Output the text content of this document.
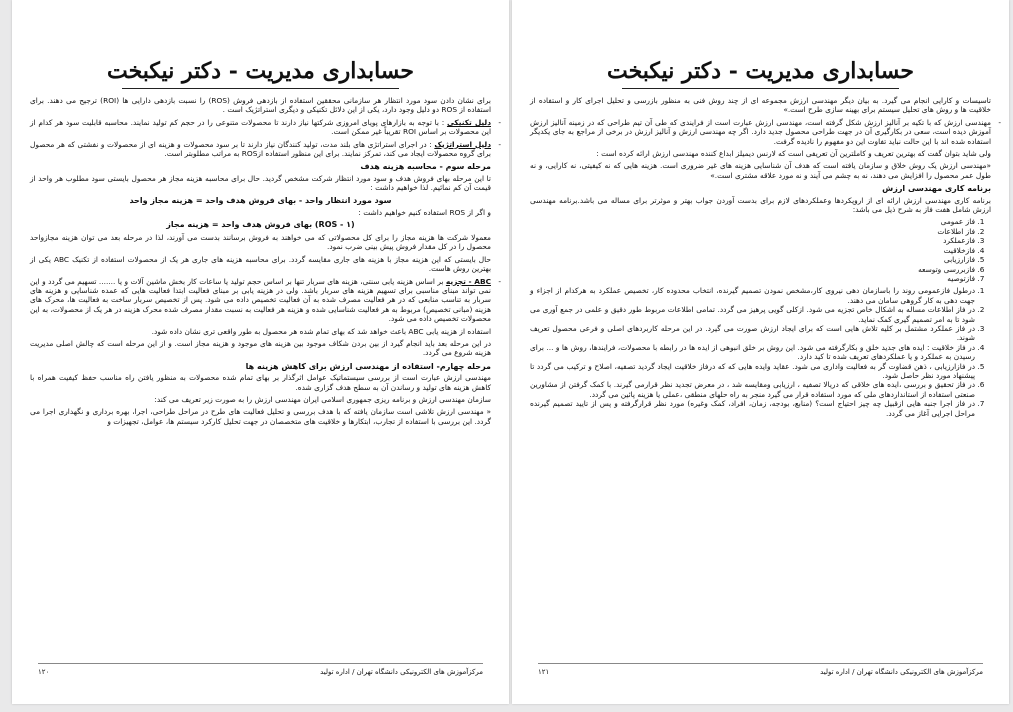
حسابداری مدیریت - دکتر نیکبخت

برای نشان دادن سود مورد انتظار هر سازمانی محققین استفاده از بازدهی فروش (ROS) را نسبت بازدهی دارایی ها (ROI) ترجیح می دهند. برای استفاده از ROS دو دلیل وجود دارد، یکی از این دلائل تکنیکی و دیگری استراتژیک است .

- دلیل تکنیکی : با توجه به بازارهای پویای امروزی شرکتها نیاز دارند تا محصولات متنوعی را در حجم کم تولید نمایند. محاسبه قابلیت سود هر کدام از این محصولات بر اساس ROI تقریباً غیر ممکن است.

- دلیل استراتژیک : در اجرای استراتژی های بلند مدت، تولید کنندگان نیاز دارند تا بر سود محصولات و هزینه ای از محصولات و نفشتی که هر محصول برای گروه محصولات ایجاد می کند، تمرکز نمایند. برای این منظور استفاده ازROS به مراتب مطلوبتر است.

مرحله سوم - محاسبه هزینه هدف

تا این مرحله بهای فروش هدف و سود مورد انتظار شرکت مشخص گردید. حال برای محاسبه هزینه مجاز هر محصول بایستی سود مطلوب هر واحد از قیمت آن کم نمائیم. لذا خواهیم داشت :

سود مورد انتظار واحد - بهای فروش هدف واحد = هزینه مجاز واحد

و اگر از ROS استفاده کنیم خواهیم داشت :

(ROS - ۱) بهای فروش هدف واحد = هزینه مجاز

معمولا شرکت ها هزینه مجاز را برای کل محصولاتی که می خواهند به فروش برسانند بدست می آورند، لذا در مرحله بعد می توان هزینه مجازواحد محصول را در کل مقدار فروش پیش بینی ضرب نمود.

حال بایستی که این هزینه مجاز با هزینه های جاری مقایسه گردد. برای محاسبه هزینه های جاری هر یک از محصولات استفاده از تکنیک ABC یکی از بهترین روش هاست.

- ABC - تجزیه بر اساس هزینه یابی سنتی، هزینه های سربار تنها بر اساس حجم تولید یا ساعات کار بخش ماشین آلات و یا ....... تسهیم می گردد و این نمی تواند مبنای مناسبی برای تسهیم هزینه های سربار باشد. ولی در هزینه یابی بر مبنای فعالیت ابتدا فعالیت هایی که عمده شناسایی و هزینه های سربار به تناسب منابعی که در هر فعالیت مصرف شده به آن فعالیت تخصیص داده می شود. پس از تخصیص سربار ساخت به فعالیت ها، محرک های هزینه (مبانی تخصیص) مربوط به هر فعالیت شناسایی شده و هزینه هر فعالیت به نسبت مقدار مصرف شده محرک هزینه در هر یک از محصولات، به این محصولات تخصیص داده می شود.

استفاده از هزینه یابی ABC باعث خواهد شد که بهای تمام شده هر محصول به طور واقعی تری نشان داده شود.

در این مرحله بعد باید انجام گیرد از بین بردن شکاف موجود بین هزینه های موجود و هزینه مجاز است. و از این مرحله است که چالش اصلی مدیریت هزینه شروع می گردد.

مرحله چهارم- استفاده از مهندسی ارزش برای کاهش هزینه ها

مهندسی ارزش عبارت است از بررسی سیستماتیک عوامل اثرگذار بر بهای تمام شده محصولات به منظور یافتن راه مناسب حفظ کیفیت همراه با کاهش هزینه های تولید و رساندن آن به سطح هدف گزاری شده.

سازمان مهندسی ارزش و برنامه ریزی جمهوری اسلامی ایران مهندسی ارزش را به صورت زیر تعریف می کند:

« مهندسی ارزش تلاشی است سازمان یافته که با هدف بررسی و تحلیل فعالیت های طرح در مراحل طراحی، اجرا، بهره برداری و نگهداری اجرا می گردد. این بررسی با استفاده از تجارب، ابتکارها و خلاقیت های متخصصان در جهت تحلیل کارکرد سیستم ها، عوامل، تجهیزات و

مرکزآموزش های الکترونیکی دانشگاه تهران / اداره تولید
۱۲۰
حسابداری مدیریت - دکتر نیکبخت

تاسیسات و کارایی انجام می گیرد. به بیان دیگر مهندسی ارزش مجموعه ای از چند روش فنی به منظور بازرسی و تحلیل اجرای کار و استفاده از خلاقیت ها و روش های تحلیل سیستم برای بهینه سازی طرح است.»

- مهندسی ارزش که با تکیه بر آنالیز ارزش شکل گرفته است، مهندسی ارزش عبارت است از فرایندی که طی آن تیم طراحی که در زمینه آنالیز ارزش آموزش دیده است، سعی در بکارگیری آن در جهت طراحی محصول جدید دارد. اگر چه مهندسی ارزش و آنالیز ارزش در برخی از مراجع به جای یکدیگر استفاده شده اند با این حالت نباید تفاوت این دو مفهوم را نادیده گرفت.

ولی شاید بتوان گفت که بهترین تعریف و کاملترین آن تعریفی است که لارنس دیمیلز ابداع کننده مهندسی ارزش ارائه کرده است :

«مهندسی ارزش یک روش خلاق و سازمان یافته است که هدف آن شناسایی هزینه های غیر ضروری است. هزینه هایی که نه کیفیتی، نه کارایی، و نه طول عمر محصول را افزایش می دهند، نه به چشم می آیند و نه مورد علاقه مشتری است.»

برنامه کاری مهندسی ارزش

برنامه کاری مهندسی ارزش ارائه ای از اروپکردها وعملکردهای لازم برای بدست آوردن جواب بهتر و موثرتر برای مساله می باشد.برنامه مهندسی ارزش شامل هفت فاز به شرح ذیل می باشد:

1. فاز عمومی
2. فاز اطلاعات
3. فازعملکرد
4. فازخلاقیت
5. فازارزیابی
6. فازبررسی وتوسعه
7. فازتوصیه
1. درطول فازعمومی روند را باسازمان دهی نیروی کار،مشخص نمودن تصمیم گیرنده، انتخاب محدوده کار، تخصیص عملکرد به هرکدام از اجزاء و جهت دهی به کار گروهی سامان می دهند.
2. در فاز اطلاعات مساله به اشکال خاص تجزیه می شود. ازکلی گویی پرهیز می گردد. تمامی اطلاعات مربوط طور دقیق و علمی در جمع آوری می شود تا به امر تصمیم گیری کمک نماید.
3. در فاز عملکرد مشتمل بر کلیه تلاش هایی است که برای ایجاد ارزش صورت می گیرد. در این مرحله کاربردهای اصلی و فرعی محصول تعریف شوند.
4. در فاز خلاقیت : ایده های جدید خلق و بکارگرفته می شود. این روش بر خلق انبوهی از ایده ها در رابطه با محصولات، فرایندها، روش ها و ... برای رسیدن به عملکرد و یا عملکردهای تعریف شده تا کید دارد.
5. در فازارزیابی ، ذهن قضاوت گر به فعالیت واداری می شود. عقاید وایده هایی که که درفاز خلاقیت ایجاد گردید تصفیه، اصلاح و ترکیب می گردد تا پیشنهاد مورد نظر حاصل شود.
6. در فاز تحقیق و بررسی ،ایده های خلاقی که دریالا تصفیه ، ارزیابی ومقایسه شد ، در معرض تجدید نظر قرارمی گیرند. با کمک گرفتن از مشاورین صنعتی استفاده از استانداردهای ملی که مورد استفاده قرار می گیرد منجر به راه حلهای منطقی ،عملی یا هزینه پائین می گردد.
7. در فاز اجرا جنبه هایی ازقبیل چه چیز احتیاج است؟ (منابع، بودجه، زمان، افراد، کمک وغیره) مورد نظر قرارگرفته و پس از تایید تصمیم گیرنده مراحل اجرایی آغاز می گردد.
مرکزآموزش های الکترونیکی دانشگاه تهران / اداره تولید
۱۲۱
